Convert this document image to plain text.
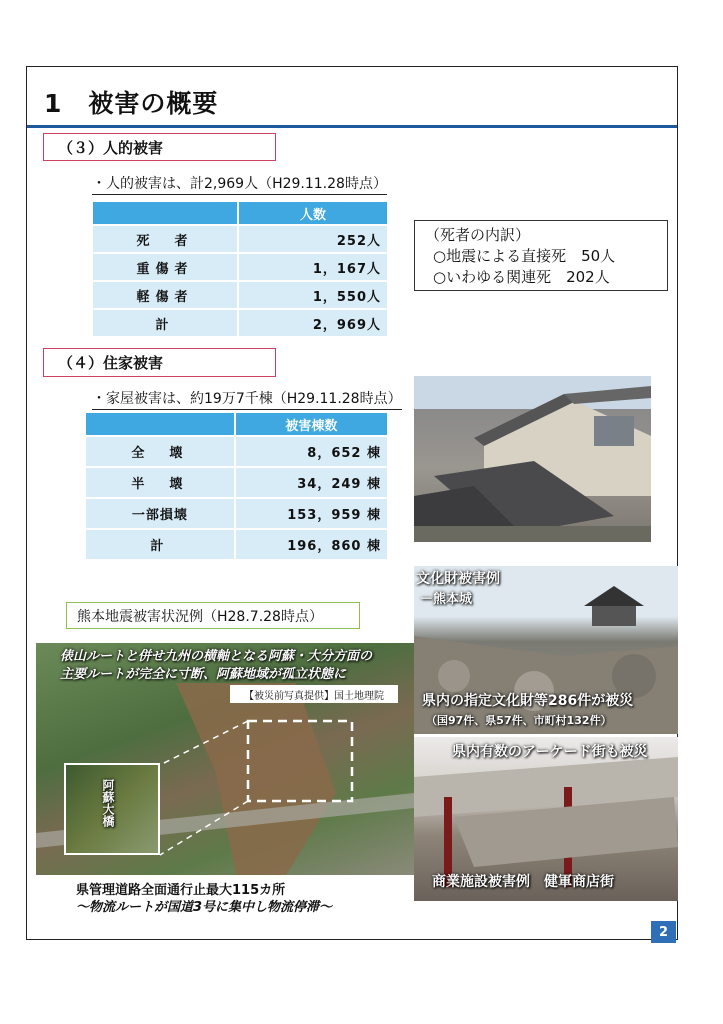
1　被害の概要
（３）人的被害
・人的被害は、計2,969人（H29.11.28時点）
	人数
死　者	252人
重傷者	1，167人
軽傷者	1，550人
計	2，969人
（死者の内訳）
○地震による直接死　50人
○いわゆる関連死　202人
（４）住家被害
・家屋被害は、約19万7千棟（H29.11.28時点）
	被害棟数
全　壊	8，652 棟
半　壊	34，249 棟
一部損壊	153，959 棟
計	196，860 棟
熊本地震被害状況例（H28.7.28時点）
俵山ルートと併せ九州の横軸となる阿蘇・大分方面の
主要ルートが完全に寸断、阿蘇地域が孤立状態に
【被災前写真提供】国土地理院
阿蘇大橋
県管理道路全面通行止最大115カ所
～物流ルートが国道3号に集中し物流停滞～
文化財被害例
－熊本城
県内の指定文化財等286件が被災
（国97件、県57件、市町村132件）
県内有数のアーケード街も被災
商業施設被害例　健軍商店街
2
